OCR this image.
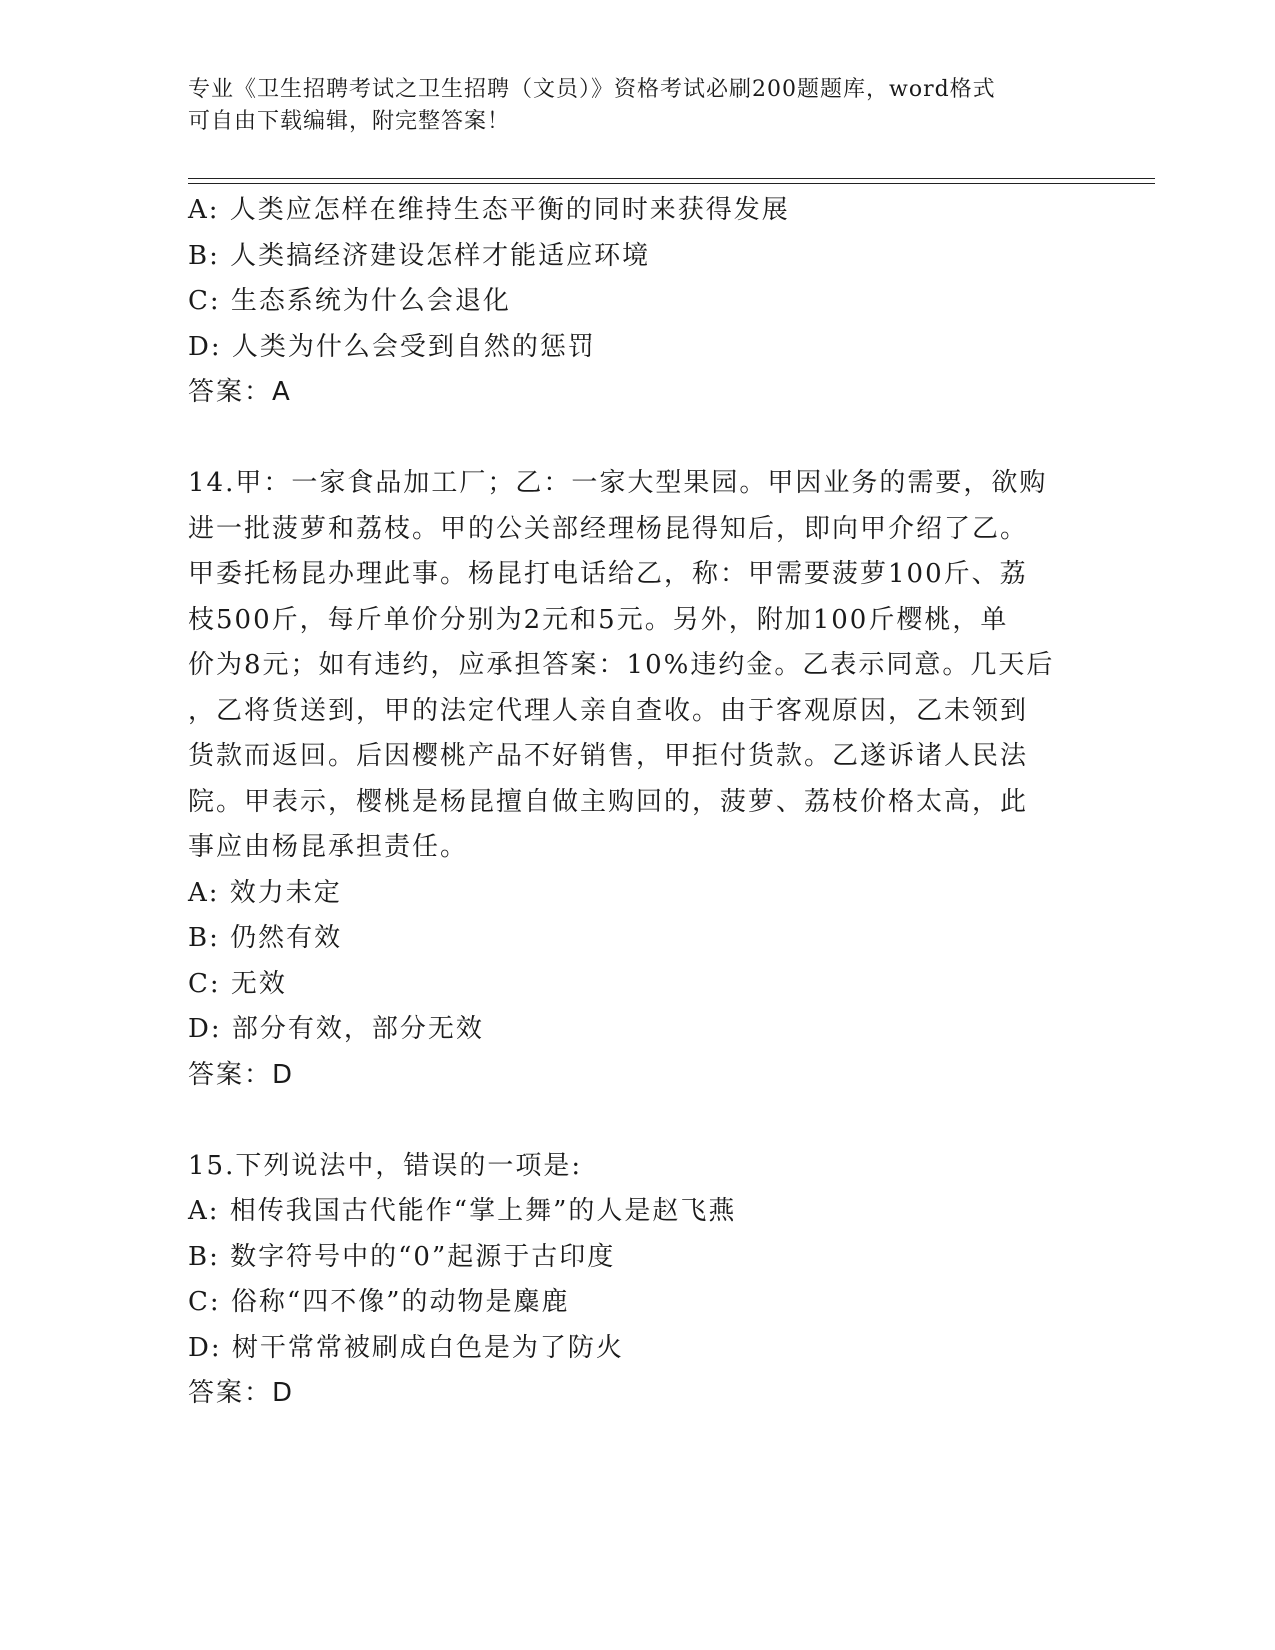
专业《卫生招聘考试之卫生招聘（文员）》资格考试必刷200题题库，word格式
可自由下载编辑，附完整答案！
A: 人类应怎样在维持生态平衡的同时来获得发展
B: 人类搞经济建设怎样才能适应环境
C: 生态系统为什么会退化
D: 人类为什么会受到自然的惩罚
答案：A
14.甲：一家食品加工厂；乙：一家大型果园。甲因业务的需要，欲购
进一批菠萝和荔枝。甲的公关部经理杨昆得知后，即向甲介绍了乙。
甲委托杨昆办理此事。杨昆打电话给乙，称：甲需要菠萝100斤、荔
枝500斤，每斤单价分别为2元和5元。另外，附加100斤樱桃，单
价为8元；如有违约，应承担答案：10%违约金。乙表示同意。几天后
，乙将货送到，甲的法定代理人亲自查收。由于客观原因，乙未领到
货款而返回。后因樱桃产品不好销售，甲拒付货款。乙遂诉诸人民法
院。甲表示，樱桃是杨昆擅自做主购回的，菠萝、荔枝价格太高，此
事应由杨昆承担责任。
A: 效力未定
B: 仍然有效
C: 无效
D: 部分有效，部分无效
答案：D
15.下列说法中，错误的一项是:
A: 相传我国古代能作“掌上舞”的人是赵飞燕
B: 数字符号中的“0”起源于古印度
C: 俗称“四不像”的动物是麋鹿
D: 树干常常被刷成白色是为了防火
答案：D
